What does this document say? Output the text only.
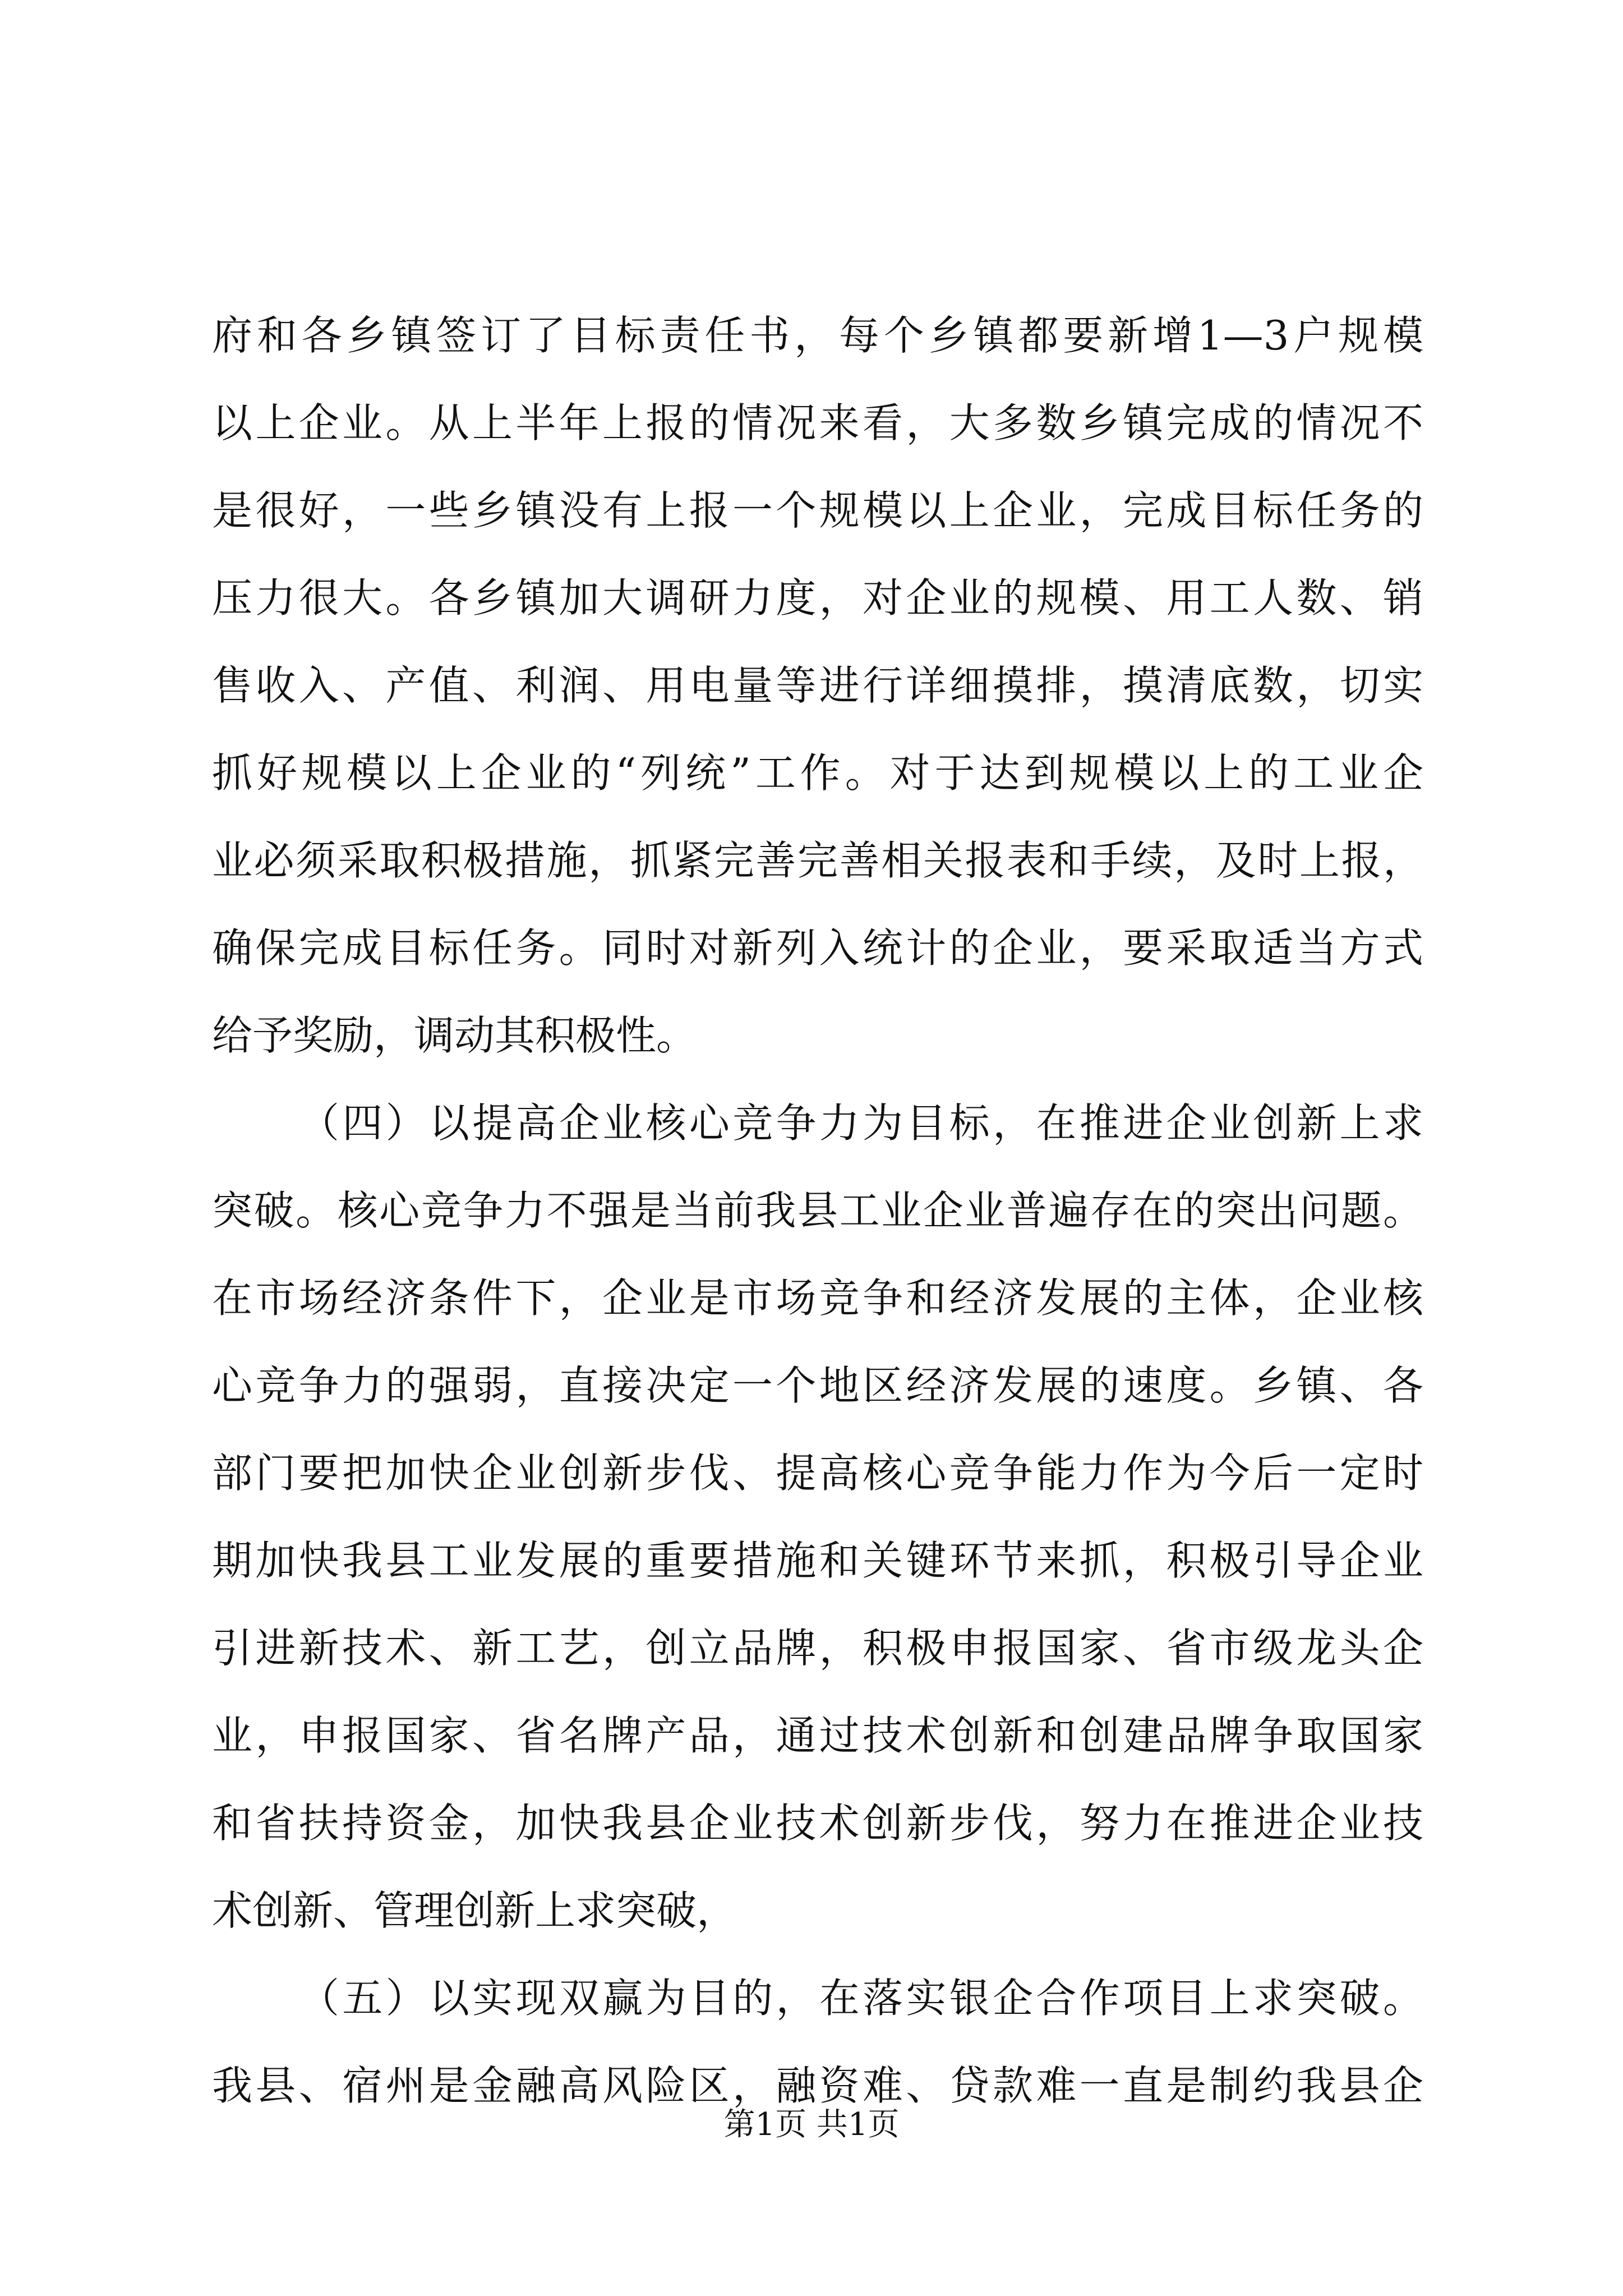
府和各乡镇签订了目标责任书，每个乡镇都要新增1—3户规模
以上企业。从上半年上报的情况来看，大多数乡镇完成的情况不
是很好，一些乡镇没有上报一个规模以上企业，完成目标任务的
压力很大。各乡镇加大调研力度，对企业的规模、用工人数、销
售收入、产值、利润、用电量等进行详细摸排，摸清底数，切实
抓好规模以上企业的“列统”工作。对于达到规模以上的工业企
业必须采取积极措施，抓紧完善完善相关报表和手续，及时上报，
确保完成目标任务。同时对新列入统计的企业，要采取适当方式
给予奖励，调动其积极性。
（四）以提高企业核心竞争力为目标，在推进企业创新上求
突破。核心竞争力不强是当前我县工业企业普遍存在的突出问题。
在市场经济条件下，企业是市场竞争和经济发展的主体，企业核
心竞争力的强弱，直接决定一个地区经济发展的速度。乡镇、各
部门要把加快企业创新步伐、提高核心竞争能力作为今后一定时
期加快我县工业发展的重要措施和关键环节来抓，积极引导企业
引进新技术、新工艺，创立品牌，积极申报国家、省市级龙头企
业，申报国家、省名牌产品，通过技术创新和创建品牌争取国家
和省扶持资金，加快我县企业技术创新步伐，努力在推进企业技
术创新、管理创新上求突破，
（五）以实现双赢为目的，在落实银企合作项目上求突破。
我县、宿州是金融高风险区，融资难、贷款难一直是制约我县企
第1页 共1页
